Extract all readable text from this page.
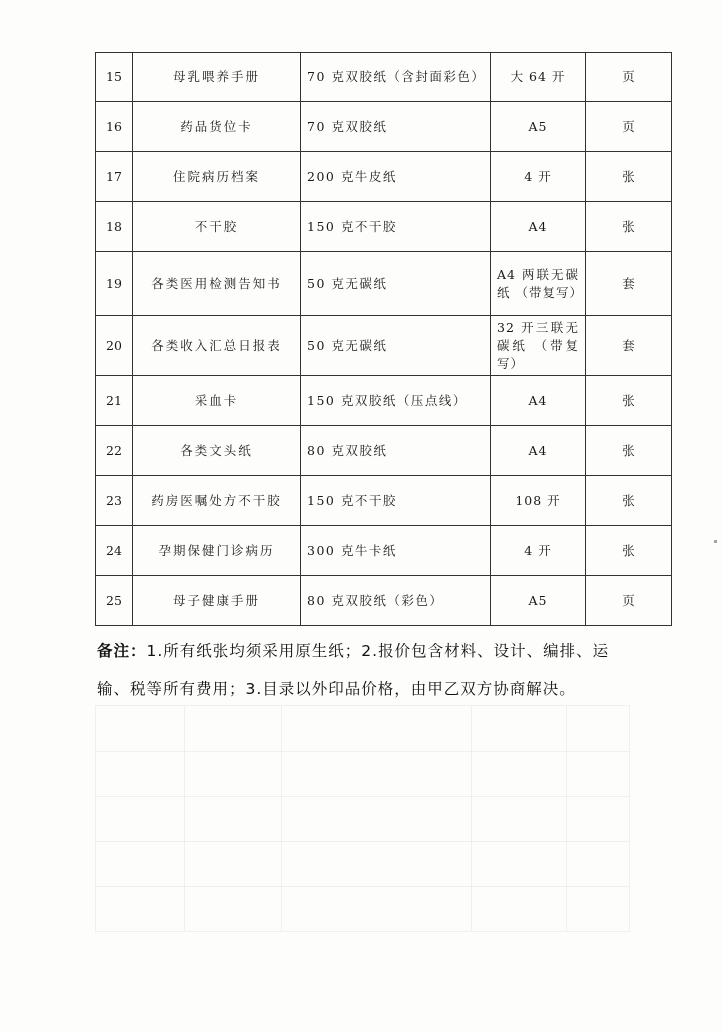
15	母乳喂养手册	70 克双胶纸（含封面彩色）	大 64 开	页
16	药品货位卡	70 克双胶纸	A5	页
17	住院病历档案	200 克牛皮纸	4 开	张
18	不干胶	150 克不干胶	A4	张
19	各类医用检测告知书	50 克无碳纸	A4 两联无碳纸 （带复写）	套
20	各类收入汇总日报表	50 克无碳纸	32 开三联无碳纸 （带复写）	套
21	采血卡	150 克双胶纸（压点线）	A4	张
22	各类文头纸	80 克双胶纸	A4	张
23	药房医嘱处方不干胶	150 克不干胶	108 开	张
24	孕期保健门诊病历	300 克牛卡纸	4 开	张
25	母子健康手册	80 克双胶纸（彩色）	A5	页
备注：1.所有纸张均须采用原生纸；2.报价包含材料、设计、编排、运输、税等所有费用；3.目录以外印品价格，由甲乙双方协商解决。
